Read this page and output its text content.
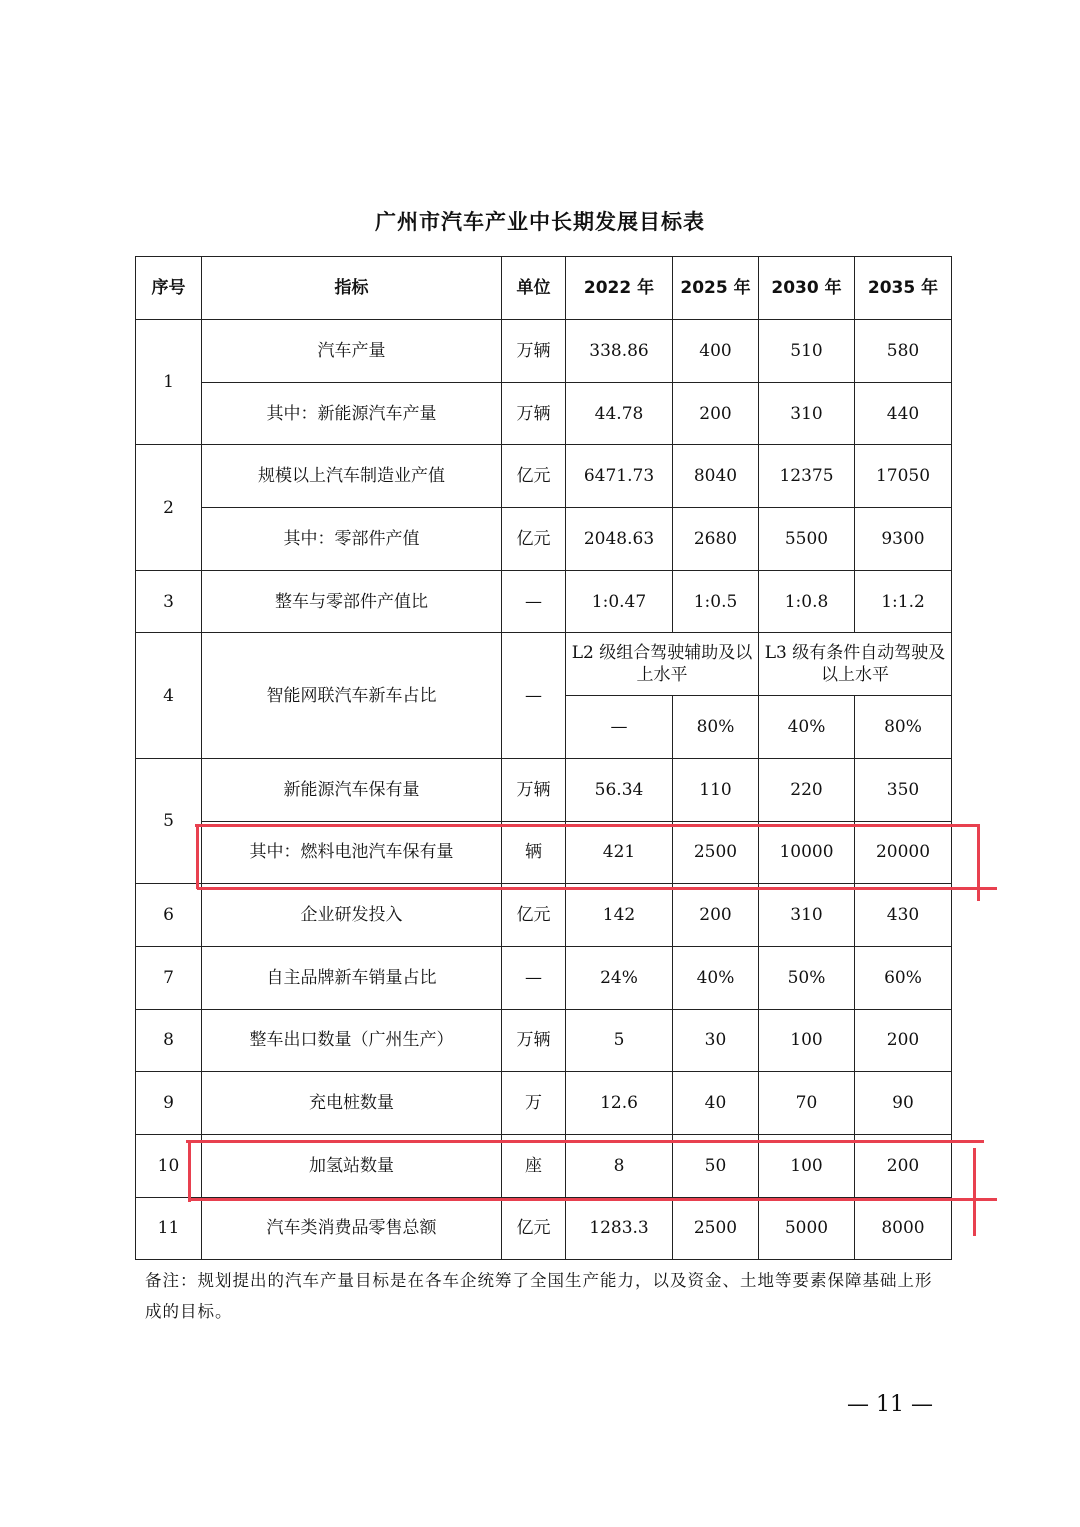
广州市汽车产业中长期发展目标表
序号	指标	单位	2022 年	2025 年	2030 年	2035 年
1	汽车产量	万辆	338.86	400	510	580
	其中：新能源汽车产量	万辆	44.78	200	310	440
2	规模以上汽车制造业产值	亿元	6471.73	8040	12375	17050
	其中：零部件产值	亿元	2048.63	2680	5500	9300
3	整车与零部件产值比	—	1:0.47	1:0.5	1:0.8	1:1.2
4	智能网联汽车新车占比	—	L2 级组合驾驶辅助及以上水平		L3 级有条件自动驾驶及以上水平	
			—	80%	40%	80%
5	新能源汽车保有量	万辆	56.34	110	220	350
	其中：燃料电池汽车保有量	辆	421	2500	10000	20000
6	企业研发投入	亿元	142	200	310	430
7	自主品牌新车销量占比	—	24%	40%	50%	60%
8	整车出口数量（广州生产）	万辆	5	30	100	200
9	充电桩数量	万	12.6	40	70	90
10	加氢站数量	座	8	50	100	200
11	汽车类消费品零售总额	亿元	1283.3	2500	5000	8000
备注：规划提出的汽车产量目标是在各车企统筹了全国生产能力，以及资金、土地等要素保障基础上形成的目标。
— 11 —
